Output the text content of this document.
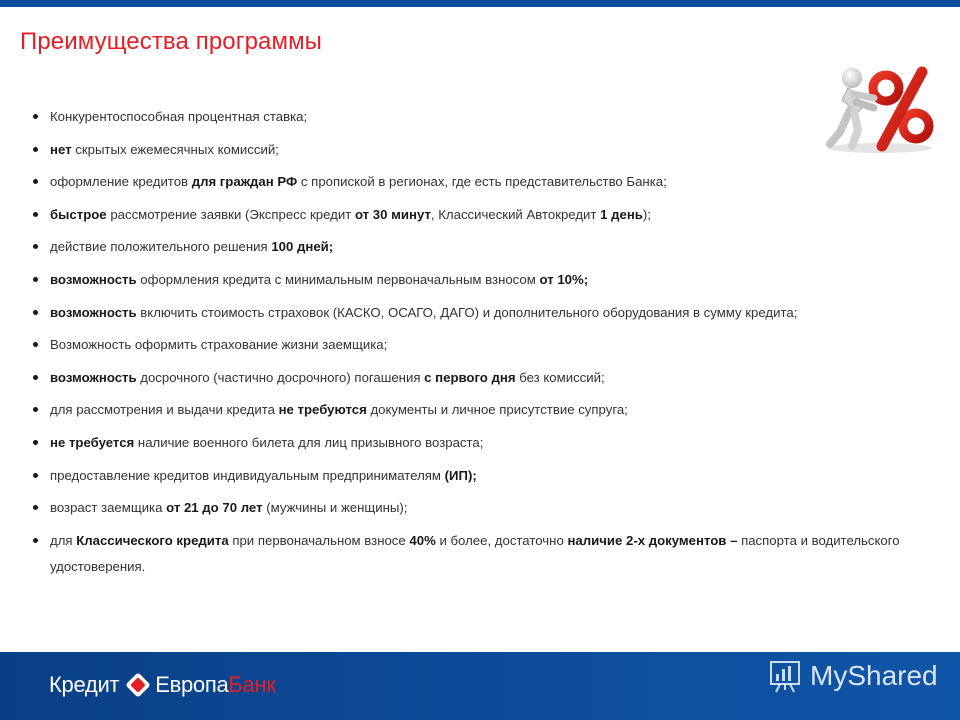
Преимущества программы
Конкурентоспособная процентная ставка;
нет скрытых ежемесячных комиссий;
оформление кредитов для граждан РФ с пропиской в регионах, где есть представительство Банка;
быстрое рассмотрение заявки (Экспресс кредит от 30 минут, Классический Автокредит 1 день);
действие положительного решения 100 дней;
возможность оформления кредита с минимальным первоначальным взносом от 10%;
возможность включить стоимость страховок (КАСКО, ОСАГО, ДАГО) и дополнительного оборудования в сумму кредита;
Возможность оформить страхование жизни заемщика;
возможность досрочного (частично досрочного) погашения с первого дня без комиссий;
для рассмотрения и выдачи кредита не требуются документы и личное присутствие супруга;
не требуется наличие военного билета для лиц призывного возраста;
предоставление кредитов индивидуальным предпринимателям (ИП);
возраст заемщика от 21 до 70 лет (мужчины и женщины);
для Классического кредита при первоначальном взносе 40% и более, достаточно наличие 2-х документов – паспорта и водительского удостоверения.
Кредит Европа Банк	MyShared
